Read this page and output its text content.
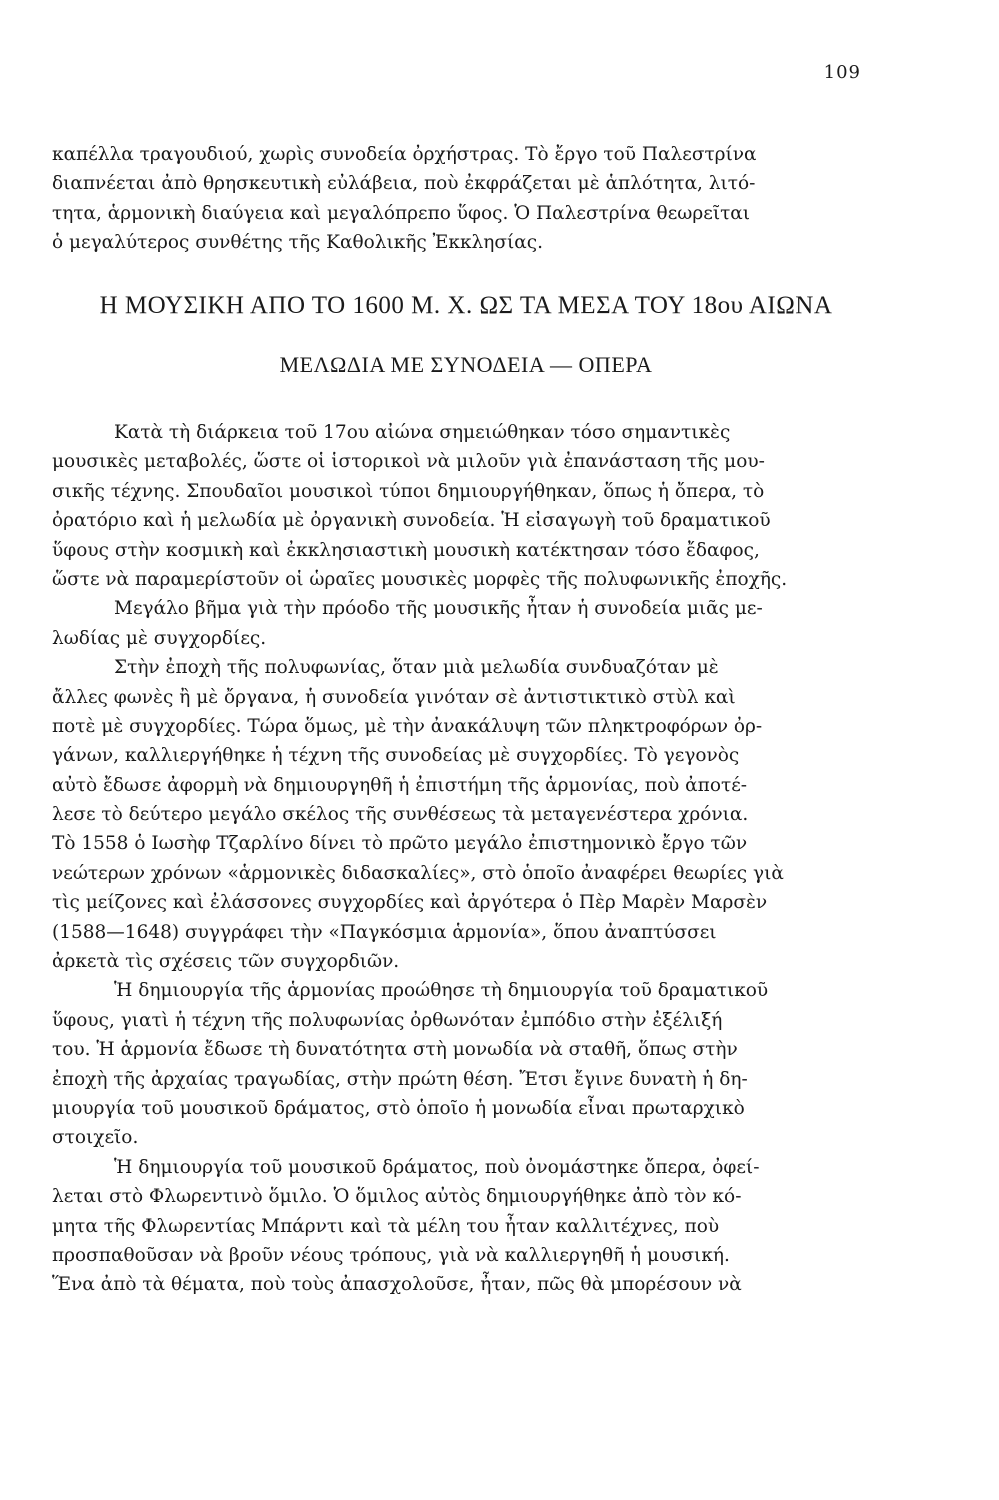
109
καπέλλα τραγουδιού, χωρὶς συνοδεία ὀρχήστρας. Τὸ ἔργο τοῦ Παλεστρίνα
διαπνέεται ἀπὸ θρησκευτικὴ εὐλάβεια, ποὺ ἐκφράζεται μὲ ἁπλότητα, λιτό-
τητα, ἁρμονικὴ διαύγεια καὶ μεγαλόπρεπο ὕφος. Ὁ Παλεστρίνα θεωρεῖται
ὁ μεγαλύτερος συνθέτης τῆς Καθολικῆς Ἐκκλησίας.
Η ΜΟΥΣΙΚΗ ΑΠΟ ΤΟ 1600 Μ. Χ. ΩΣ ΤΑ ΜΕΣΑ ΤΟΥ 18ου ΑΙΩΝΑ
ΜΕΛΩΔΙΑ ΜΕ ΣΥΝΟΔΕΙΑ — ΟΠΕΡΑ
Κατὰ τὴ διάρκεια τοῦ 17ου αἰώνα σημειώθηκαν τόσο σημαντικὲς
μουσικὲς μεταβολές, ὥστε οἱ ἱστορικοὶ νὰ μιλοῦν γιὰ ἐπανάσταση τῆς μου-
σικῆς τέχνης. Σπουδαῖοι μουσικοὶ τύποι δημιουργήθηκαν, ὅπως ἡ ὄπερα, τὸ
ὀρατόριο καὶ ἡ μελωδία μὲ ὀργανικὴ συνοδεία. Ἡ εἰσαγωγὴ τοῦ δραματικοῦ
ὕφους στὴν κοσμικὴ καὶ ἐκκλησιαστικὴ μουσικὴ κατέκτησαν τόσο ἔδαφος,
ὥστε νὰ παραμερίστοῦν οἱ ὡραῖες μουσικὲς μορφὲς τῆς πολυφωνικῆς ἐποχῆς.
Μεγάλο βῆμα γιὰ τὴν πρόοδο τῆς μουσικῆς ἦταν ἡ συνοδεία μιᾶς με-
λωδίας μὲ συγχορδίες.
Στὴν ἐποχὴ τῆς πολυφωνίας, ὅταν μιὰ μελωδία συνδυαζόταν μὲ
ἄλλες φωνὲς ἢ μὲ ὄργανα, ἡ συνοδεία γινόταν σὲ ἀντιστικτικὸ στὺλ καὶ
ποτὲ μὲ συγχορδίες. Τώρα ὅμως, μὲ τὴν ἀνακάλυψη τῶν πληκτροφόρων ὀρ-
γάνων, καλλιεργήθηκε ἡ τέχνη τῆς συνοδείας μὲ συγχορδίες. Τὸ γεγονὸς
αὐτὸ ἔδωσε ἀφορμὴ νὰ δημιουργηθῆ ἡ ἐπιστήμη τῆς ἁρμονίας, ποὺ ἀποτέ-
λεσε τὸ δεύτερο μεγάλο σκέλος τῆς συνθέσεως τὰ μεταγενέστερα χρόνια.
Τὸ 1558 ὁ Ιωσὴφ Τζαρλίνο δίνει τὸ πρῶτο μεγάλο ἐπιστημονικὸ ἔργο τῶν
νεώτερων χρόνων «ἁρμονικὲς διδασκαλίες», στὸ ὁποῖο ἀναφέρει θεωρίες γιὰ
τὶς μείζονες καὶ ἐλάσσονες συγχορδίες καὶ ἀργότερα ὁ Πὲρ Μαρὲν Μαρσὲν
(1588—1648) συγγράφει τὴν «Παγκόσμια ἁρμονία», ὅπου ἀναπτύσσει
ἀρκετὰ τὶς σχέσεις τῶν συγχορδιῶν.
Ἡ δημιουργία τῆς ἁρμονίας προώθησε τὴ δημιουργία τοῦ δραματικοῦ
ὕφους, γιατὶ ἡ τέχνη τῆς πολυφωνίας ὀρθωνόταν ἐμπόδιο στὴν ἐξέλιξή
του. Ἡ ἁρμονία ἔδωσε τὴ δυνατότητα στὴ μονωδία νὰ σταθῆ, ὅπως στὴν
ἐποχὴ τῆς ἀρχαίας τραγωδίας, στὴν πρώτη θέση. Ἔτσι ἔγινε δυνατὴ ἡ δη-
μιουργία τοῦ μουσικοῦ δράματος, στὸ ὁποῖο ἡ μονωδία εἶναι πρωταρχικὸ
στοιχεῖο.
Ἡ δημιουργία τοῦ μουσικοῦ δράματος, ποὺ ὀνομάστηκε ὄπερα, ὀφεί-
λεται στὸ Φλωρεντινὸ ὅμιλο. Ὁ ὅμιλος αὐτὸς δημιουργήθηκε ἀπὸ τὸν κό-
μητα τῆς Φλωρεντίας Μπάρντι καὶ τὰ μέλη του ἦταν καλλιτέχνες, ποὺ
προσπαθοῦσαν νὰ βροῦν νέους τρόπους, γιὰ νὰ καλλιεργηθῆ ἡ μουσική.
Ἕνα ἀπὸ τὰ θέματα, ποὺ τοὺς ἀπασχολοῦσε, ἦταν, πῶς θὰ μπορέσουν νὰ
